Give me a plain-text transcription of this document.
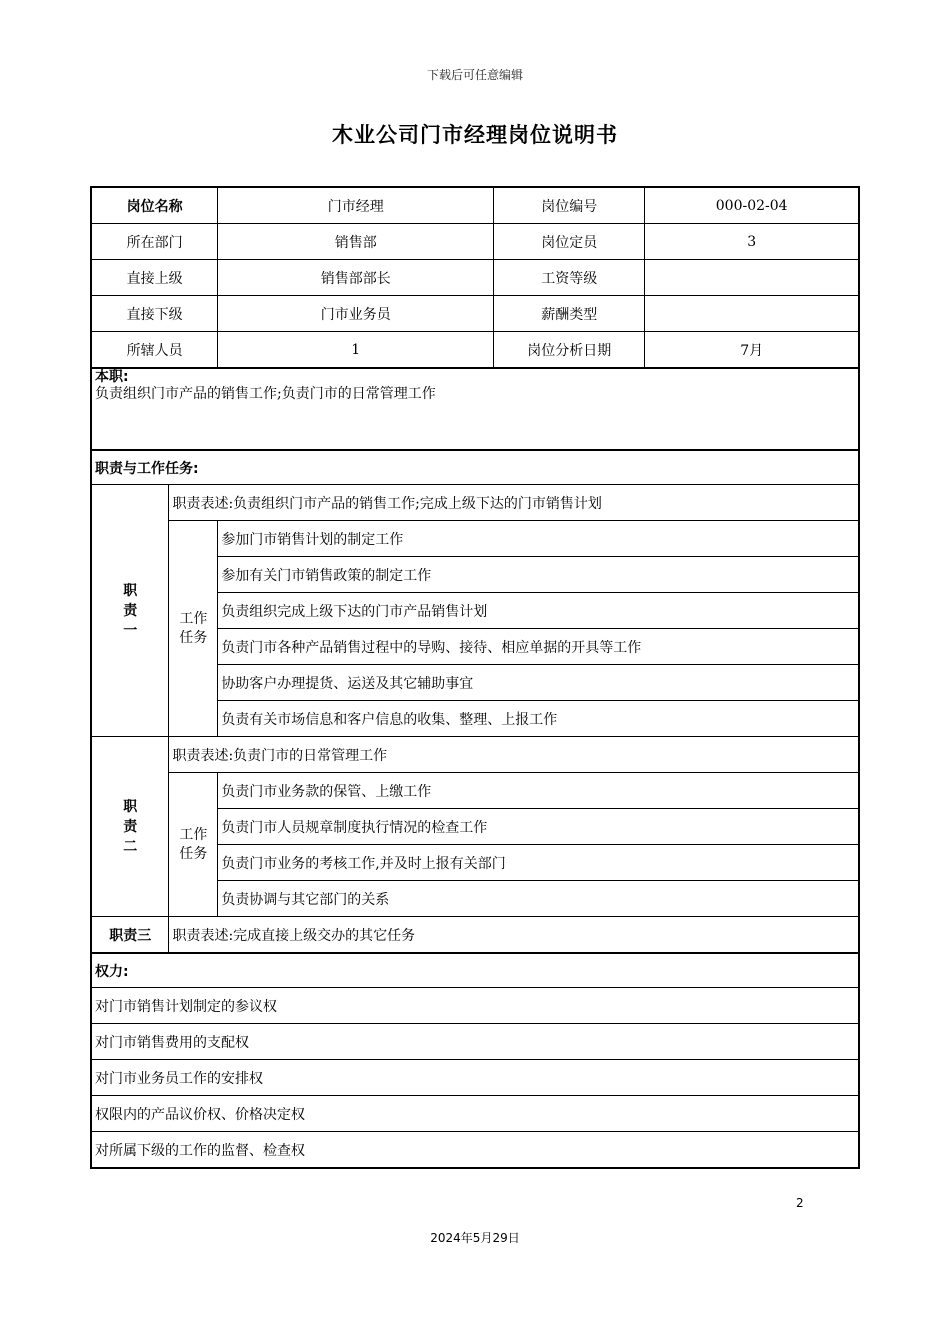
下载后可任意编辑
木业公司门市经理岗位说明书
岗位名称		门市经理	岗位编号	000-02-04
所在部门		销售部	岗位定员	3
直接上级		销售部部长	工资等级	
直接下级		门市业务员	薪酬类型	
所辖人员		1	岗位分析日期	7月

本职:
负责组织门市产品的销售工作;负责门市的日常管理工作				

职责与工作任务:				
职责一	职责表述:负责组织门市产品的销售工作;完成上级下达的门市销售计划			
	工作任务	参加门市销售计划的制定工作		
		参加有关门市销售政策的制定工作		
		负责组织完成上级下达的门市产品销售计划		
		负责门市各种产品销售过程中的导购、接待、相应单据的开具等工作		
		协助客户办理提货、运送及其它辅助事宜		
		负责有关市场信息和客户信息的收集、整理、上报工作		
职责二	职责表述:负责门市的日常管理工作			
	工作任务	负责门市业务款的保管、上缴工作		
		负责门市人员规章制度执行情况的检查工作		
		负责门市业务的考核工作,并及时上报有关部门		
		负责协调与其它部门的关系		
职责三	职责表述:完成直接上级交办的其它任务			
权力:				
对门市销售计划制定的参议权				
对门市销售费用的支配权				
对门市业务员工作的安排权				
权限内的产品议价权、价格决定权				
对所属下级的工作的监督、检查权				
2
2024年5月29日
